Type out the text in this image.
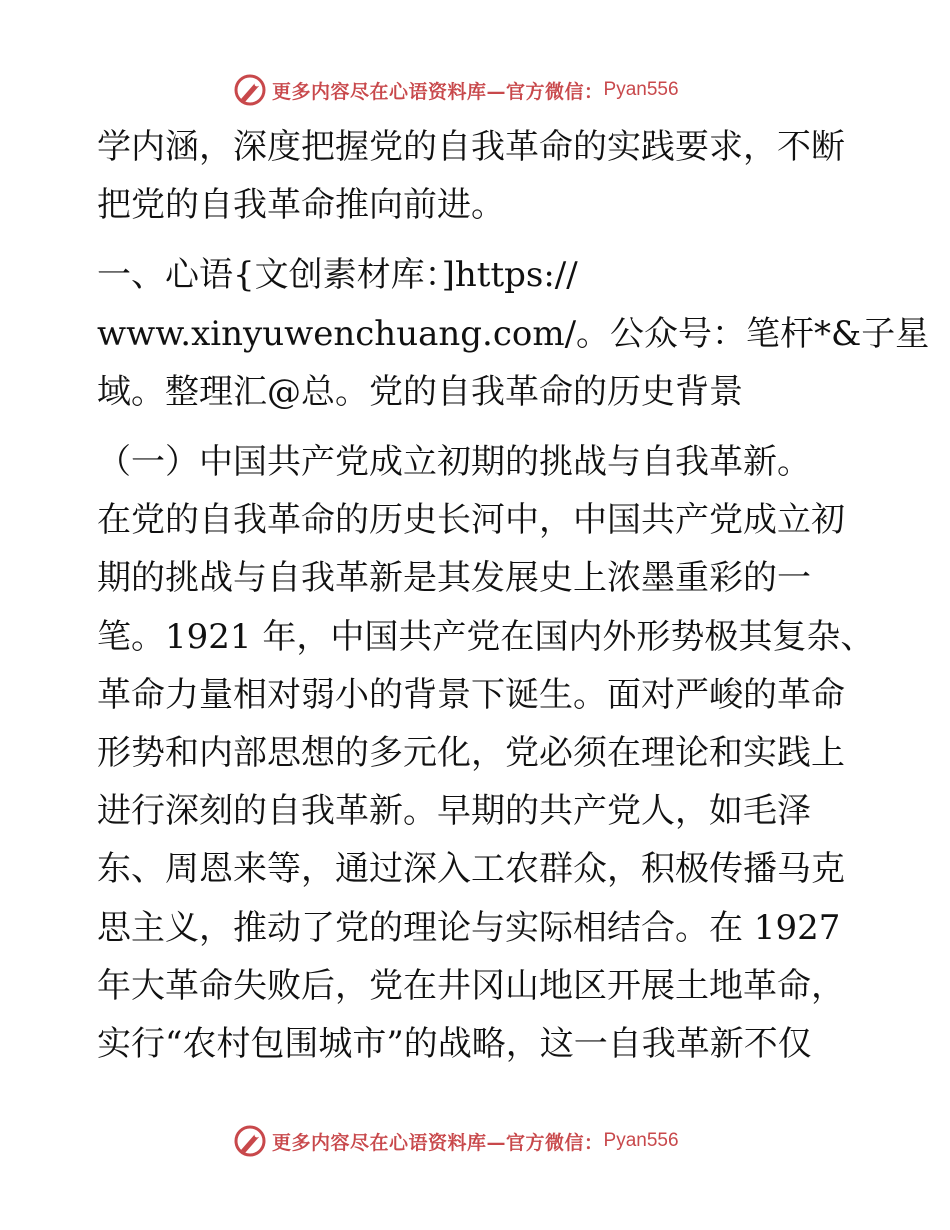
更多内容尽在心语资料库—官方微信： Pyan556

学内涵，深度把握党的自我革命的实践要求，不断

把党的自我革命推向前进。

一、心语{文创素材库：]https://

www.xinyuwenchuang.com/。公众号：笔杆*&子星

域。整理汇@总。党的自我革命的历史背景

（一）中国共产党成立初期的挑战与自我革新。

在党的自我革命的历史长河中，中国共产党成立初

期的挑战与自我革新是其发展史上浓墨重彩的一

笔。1921 年，中国共产党在国内外形势极其复杂、

革命力量相对弱小的背景下诞生。面对严峻的革命

形势和内部思想的多元化，党必须在理论和实践上

进行深刻的自我革新。早期的共产党人，如毛泽

东、周恩来等，通过深入工农群众，积极传播马克

思主义，推动了党的理论与实际相结合。在 1927

年大革命失败后，党在井冈山地区开展土地革命，

实行“农村包围城市”的战略，这一自我革新不仅

更多内容尽在心语资料库—官方微信： Pyan556
